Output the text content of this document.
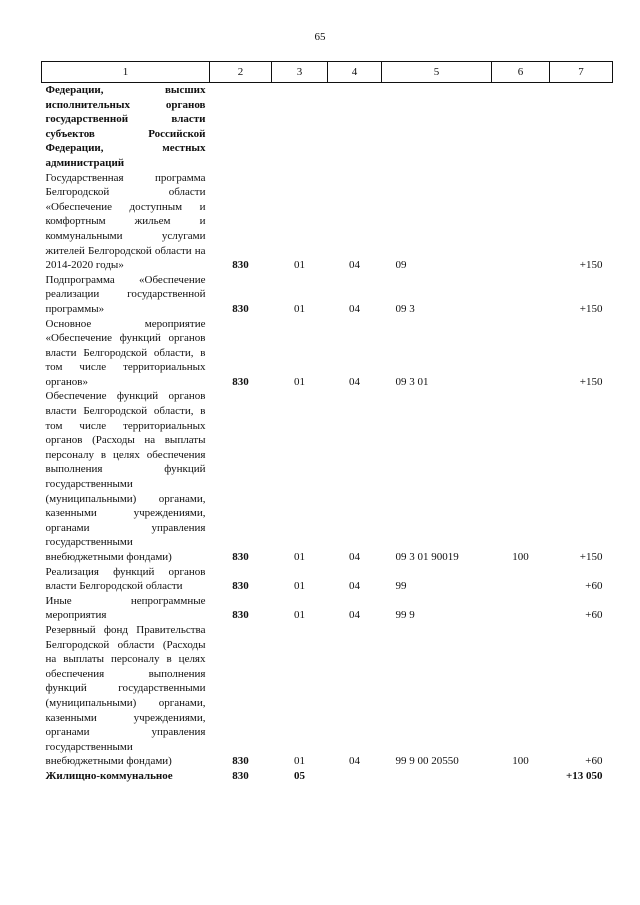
65
1	2	3	4	5	6	7
Федерации, высших исполнительных органов государственной власти субъектов Российской Федерации, местных администраций						
Государственная программа Белгородской области «Обеспечение доступным и комфортным жильем и коммунальными услугами жителей Белгородской области на 2014-2020 годы»	830	01	04	09		+150
Подпрограмма «Обеспечение реализации государственной программы»	830	01	04	09 3		+150
Основное мероприятие «Обеспечение функций органов власти Белгородской области, в том числе территориальных органов»	830	01	04	09 3 01		+150
Обеспечение функций органов власти Белгородской области, в том числе территориальных органов (Расходы на выплаты персоналу в целях обеспечения выполнения функций государственными (муниципальными) органами, казенными учреждениями, органами управления государственными внебюджетными фондами)	830	01	04	09 3 01 90019	100	+150
Реализация функций органов власти Белгородской области	830	01	04	99		+60
Иные непрограммные мероприятия	830	01	04	99 9		+60
Резервный фонд Правительства Белгородской области (Расходы на выплаты персоналу в целях обеспечения выполнения функций государственными (муниципальными) органами, казенными учреждениями, органами управления государственными внебюджетными фондами)	830	01	04	99 9 00 20550	100	+60
Жилищно-коммунальное	830	05				+13 050
